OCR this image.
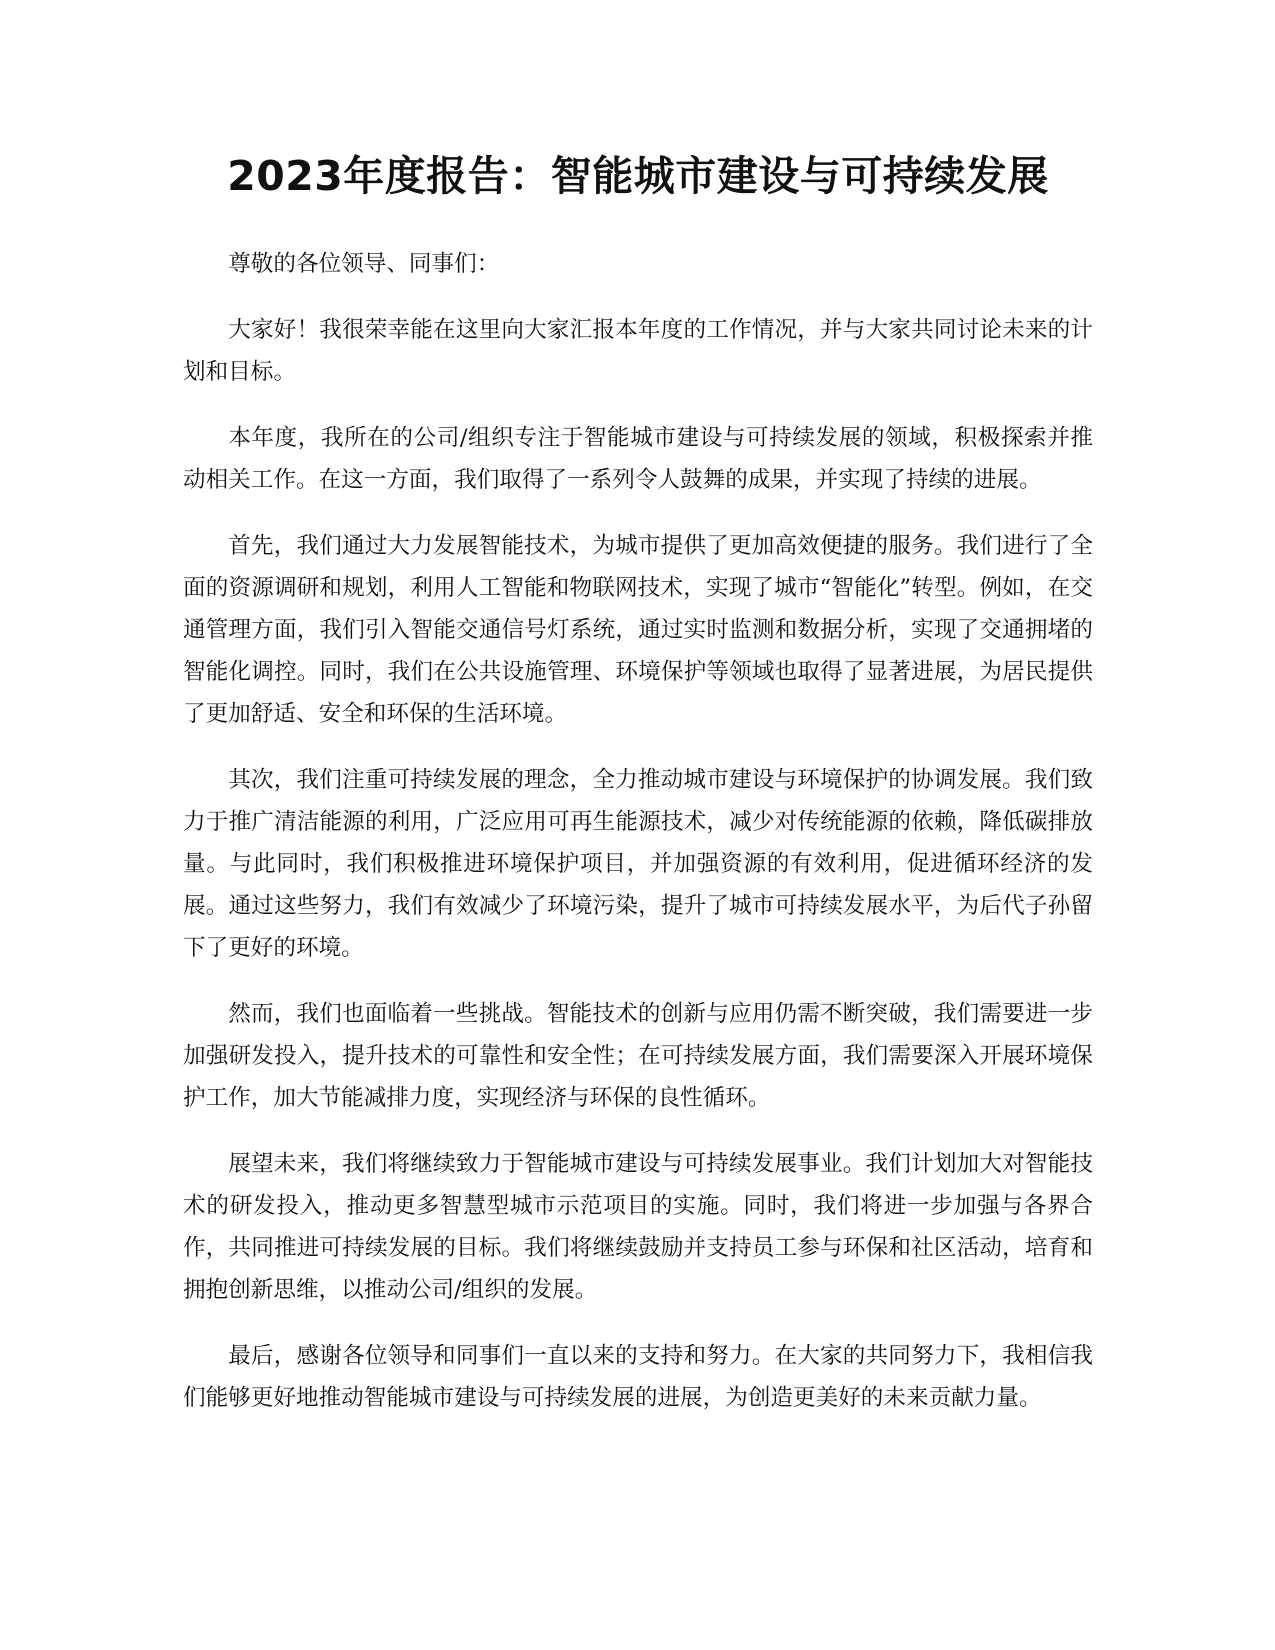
2023年度报告：智能城市建设与可持续发展

尊敬的各位领导、同事们：

大家好！我很荣幸能在这里向大家汇报本年度的工作情况，并与大家共同讨论未来的计划和目标。

本年度，我所在的公司/组织专注于智能城市建设与可持续发展的领域，积极探索并推动相关工作。在这一方面，我们取得了一系列令人鼓舞的成果，并实现了持续的进展。

首先，我们通过大力发展智能技术，为城市提供了更加高效便捷的服务。我们进行了全面的资源调研和规划，利用人工智能和物联网技术，实现了城市“智能化”转型。例如，在交通管理方面，我们引入智能交通信号灯系统，通过实时监测和数据分析，实现了交通拥堵的智能化调控。同时，我们在公共设施管理、环境保护等领域也取得了显著进展，为居民提供了更加舒适、安全和环保的生活环境。

其次，我们注重可持续发展的理念，全力推动城市建设与环境保护的协调发展。我们致力于推广清洁能源的利用，广泛应用可再生能源技术，减少对传统能源的依赖，降低碳排放量。与此同时，我们积极推进环境保护项目，并加强资源的有效利用，促进循环经济的发展。通过这些努力，我们有效减少了环境污染，提升了城市可持续发展水平，为后代子孙留下了更好的环境。

然而，我们也面临着一些挑战。智能技术的创新与应用仍需不断突破，我们需要进一步加强研发投入，提升技术的可靠性和安全性；在可持续发展方面，我们需要深入开展环境保护工作，加大节能减排力度，实现经济与环保的良性循环。

展望未来，我们将继续致力于智能城市建设与可持续发展事业。我们计划加大对智能技术的研发投入，推动更多智慧型城市示范项目的实施。同时，我们将进一步加强与各界合作，共同推进可持续发展的目标。我们将继续鼓励并支持员工参与环保和社区活动，培育和拥抱创新思维，以推动公司/组织的发展。

最后，感谢各位领导和同事们一直以来的支持和努力。在大家的共同努力下，我相信我们能够更好地推动智能城市建设与可持续发展的进展，为创造更美好的未来贡献力量。
